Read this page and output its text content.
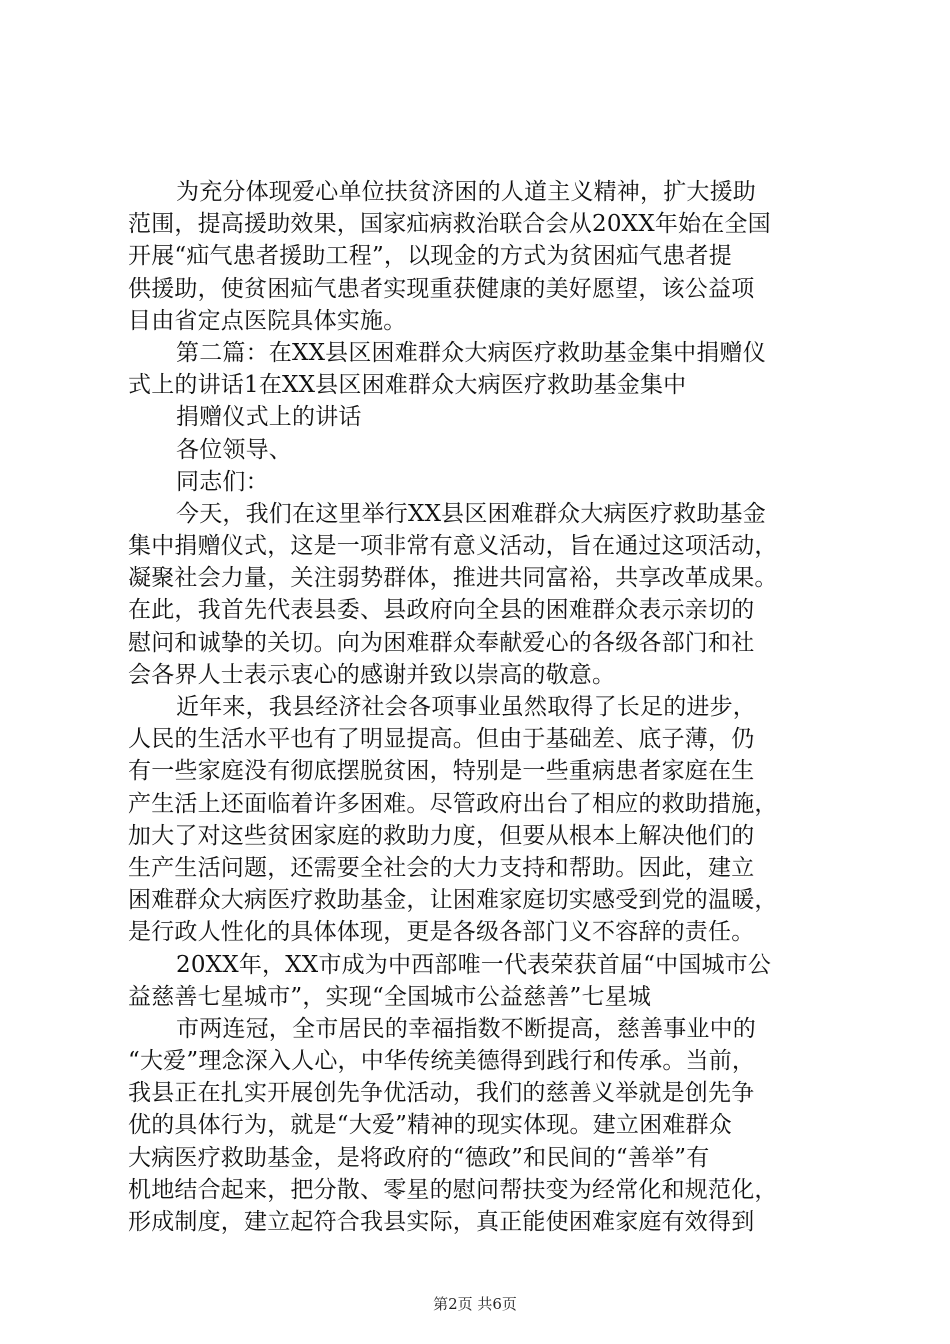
为充分体现爱心单位扶贫济困的人道主义精神，扩大援助
范围，提高援助效果，国家疝病救治联合会从20XX年始在全国
开展“疝气患者援助工程”，以现金的方式为贫困疝气患者提
供援助，使贫困疝气患者实现重获健康的美好愿望，该公益项
目由省定点医院具体实施。
第二篇：在XX县区困难群众大病医疗救助基金集中捐赠仪
式上的讲话1在XX县区困难群众大病医疗救助基金集中
捐赠仪式上的讲话
各位领导、
同志们：
今天，我们在这里举行XX县区困难群众大病医疗救助基金
集中捐赠仪式，这是一项非常有意义活动，旨在通过这项活动，
凝聚社会力量，关注弱势群体，推进共同富裕，共享改革成果。
在此，我首先代表县委、县政府向全县的困难群众表示亲切的
慰问和诚挚的关切。向为困难群众奉献爱心的各级各部门和社
会各界人士表示衷心的感谢并致以崇高的敬意。
近年来，我县经济社会各项事业虽然取得了长足的进步，
人民的生活水平也有了明显提高。但由于基础差、底子薄，仍
有一些家庭没有彻底摆脱贫困，特别是一些重病患者家庭在生
产生活上还面临着许多困难。尽管政府出台了相应的救助措施，
加大了对这些贫困家庭的救助力度，但要从根本上解决他们的
生产生活问题，还需要全社会的大力支持和帮助。因此，建立
困难群众大病医疗救助基金，让困难家庭切实感受到党的温暖，
是行政人性化的具体体现，更是各级各部门义不容辞的责任。
20XX年，XX市成为中西部唯一代表荣获首届“中国城市公
益慈善七星城市”，实现“全国城市公益慈善”七星城
市两连冠，全市居民的幸福指数不断提高，慈善事业中的
“大爱”理念深入人心，中华传统美德得到践行和传承。当前，
我县正在扎实开展创先争优活动，我们的慈善义举就是创先争
优的具体行为，就是“大爱”精神的现实体现。建立困难群众
大病医疗救助基金，是将政府的“德政”和民间的“善举”有
机地结合起来，把分散、零星的慰问帮扶变为经常化和规范化，
形成制度，建立起符合我县实际，真正能使困难家庭有效得到
第2页 共6页
